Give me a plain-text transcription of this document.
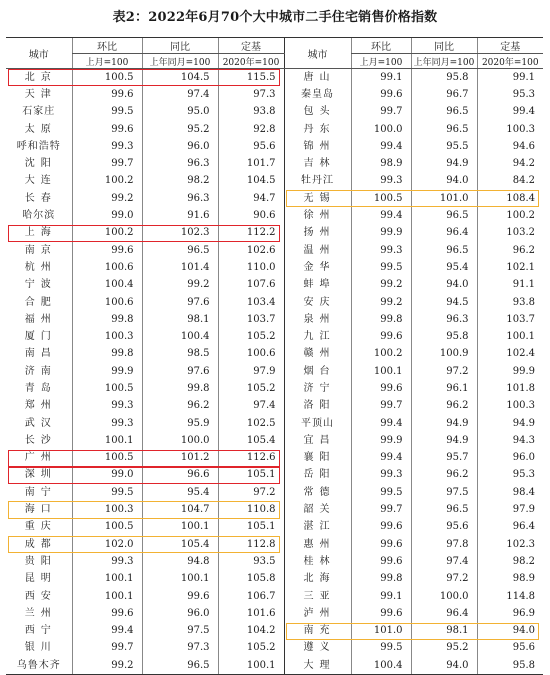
表2：2022年6月70个大中城市二手住宅销售价格指数
城市	环比	同比	定基	城市	环比	同比	定基
	上月=100	上年同月=100	2020年=100		上月=100	上年同月=100	2020年=100
北京	100.5	104.5	115.5	唐山	99.1	95.8	99.1
天津	99.6	97.4	97.3	秦皇岛	99.6	96.7	95.3
石家庄	99.5	95.0	93.8	包头	99.7	96.5	99.4
太原	99.6	95.2	92.8	丹东	100.0	96.5	100.3
呼和浩特	99.3	96.0	95.6	锦州	99.4	95.5	94.6
沈阳	99.7	96.3	101.7	吉林	98.9	94.9	94.2
大连	100.2	98.2	104.5	牡丹江	99.3	94.0	84.2
长春	99.2	96.3	94.7	无锡	100.5	101.0	108.4
哈尔滨	99.0	91.6	90.6	徐州	99.4	96.5	100.2
上海	100.2	102.3	112.2	扬州	99.9	96.4	103.2
南京	99.6	96.5	102.6	温州	99.3	96.5	96.2
杭州	100.6	101.4	110.0	金华	99.5	95.4	102.1
宁波	100.4	99.2	107.6	蚌埠	99.2	94.0	91.1
合肥	100.6	97.6	103.4	安庆	99.2	94.5	93.8
福州	99.8	98.1	103.7	泉州	99.8	96.3	103.7
厦门	100.3	100.4	105.2	九江	99.6	95.8	100.1
南昌	99.8	98.5	100.6	赣州	100.2	100.9	102.4
济南	99.9	97.6	97.9	烟台	100.1	97.2	99.9
青岛	100.5	99.8	105.2	济宁	99.6	96.1	101.8
郑州	99.3	96.2	97.4	洛阳	99.7	96.2	100.3
武汉	99.3	95.9	102.5	平顶山	99.4	94.9	94.9
长沙	100.1	100.0	105.4	宜昌	99.9	94.9	94.3
广州	100.5	101.2	112.6	襄阳	99.4	95.7	96.0
深圳	99.0	96.6	105.1	岳阳	99.3	96.2	95.3
南宁	99.5	95.4	97.2	常德	99.5	97.5	98.4
海口	100.3	104.7	110.8	韶关	99.7	96.5	97.9
重庆	100.5	100.1	105.1	湛江	99.6	95.6	96.4
成都	102.0	105.4	112.8	惠州	99.6	97.8	102.3
贵阳	99.3	94.8	93.5	桂林	99.6	97.4	98.2
昆明	100.1	100.1	105.8	北海	99.8	97.2	98.9
西安	100.1	99.6	106.7	三亚	99.1	100.0	114.8
兰州	99.6	96.0	101.6	泸州	99.6	96.4	96.9
西宁	99.4	97.5	104.2	南充	101.0	98.1	94.0
银川	99.7	97.3	105.2	遵义	99.5	95.2	95.6
乌鲁木齐	99.2	96.5	100.1	大理	100.4	94.0	95.8
